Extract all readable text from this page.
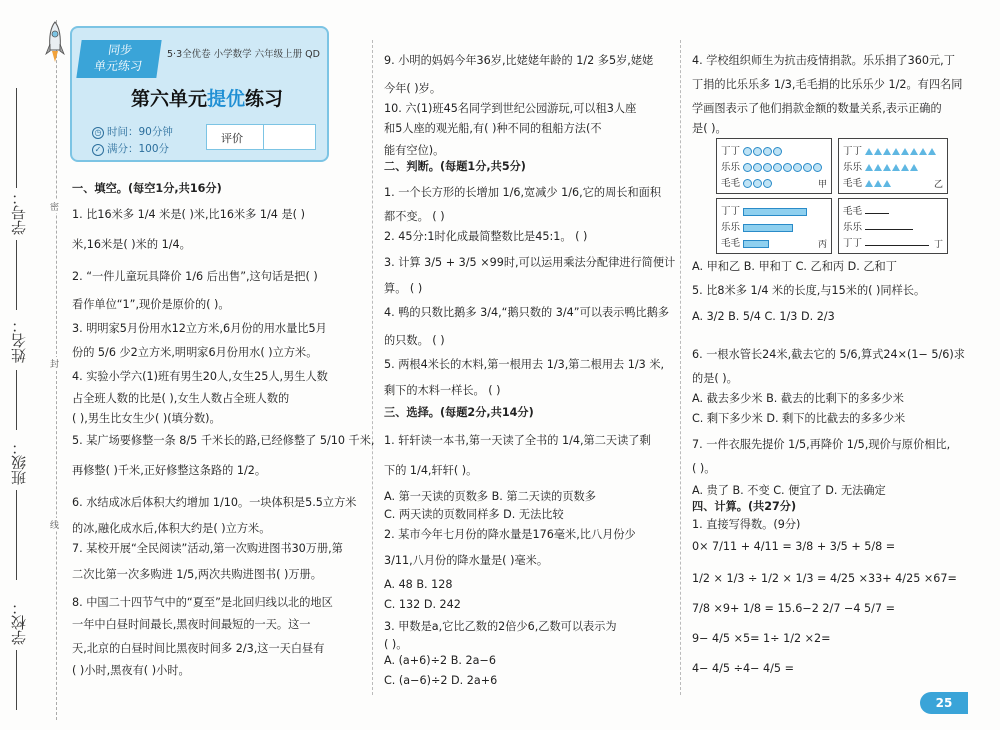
学号：
姓名：
班级：
学校：
密
封
线
同步
单元练习
5·3全优卷 小学数学 六年级上册 QD
第六单元提优练习
◷ 时间：90分钟
✓ 满分：100分
评价
一、填空。(每空1分,共16分)
1. 比16米多 1/4 米是( )米,比16米多 1/4 是( )
米,16米是( )米的 1/4。
2. “一件儿童玩具降价 1/6 后出售”,这句话是把( )
看作单位“1”,现价是原价的( )。
3. 明明家5月份用水12立方米,6月份的用水量比5月
份的 5/6 少2立方米,明明家6月份用水( )立方米。
4. 实验小学六(1)班有男生20人,女生25人,男生人数
占全班人数的比是( ),女生人数占全班人数的
( ),男生比女生少( )(填分数)。
5. 某广场要修整一条 8/5 千米长的路,已经修整了 5/10 千米,
再修整( )千米,正好修整这条路的 1/2。
6. 水结成冰后体积大约增加 1/10。一块体积是5.5立方米
的冰,融化成水后,体积大约是( )立方米。
7. 某校开展“全民阅读”活动,第一次购进图书30万册,第
二次比第一次多购进 1/5,两次共购进图书( )万册。
8. 中国二十四节气中的“夏至”是北回归线以北的地区
一年中白昼时间最长,黑夜时间最短的一天。这一
天,北京的白昼时间比黑夜时间多 2/3,这一天白昼有
( )小时,黑夜有( )小时。
9. 小明的妈妈今年36岁,比姥姥年龄的 1/2 多5岁,姥姥
今年( )岁。
10. 六(1)班45名同学到世纪公园游玩,可以租3人座
和5人座的观光船,有( )种不同的租船方法(不
能有空位)。
二、判断。(每题1分,共5分)
1. 一个长方形的长增加 1/6,宽减少 1/6,它的周长和面积
都不变。 ( )
2. 45分:1时化成最简整数比是45:1。 ( )
3. 计算 3/5 + 3/5 ×99时,可以运用乘法分配律进行简便计
算。 ( )
4. 鸭的只数比鹅多 3/4,“鹅只数的 3/4”可以表示鸭比鹅多
的只数。 ( )
5. 两根4米长的木料,第一根用去 1/3,第二根用去 1/3 米,
剩下的木料一样长。 ( )
三、选择。(每题2分,共14分)
1. 轩轩读一本书,第一天读了全书的 1/4,第二天读了剩
下的 1/4,轩轩( )。
A. 第一天读的页数多 B. 第二天读的页数多
C. 两天读的页数同样多 D. 无法比较
2. 某市今年七月份的降水量是176毫米,比八月份少
3/11,八月份的降水量是( )毫米。
A. 48 B. 128
C. 132 D. 242
3. 甲数是a,它比乙数的2倍少6,乙数可以表示为
( )。
A. (a+6)÷2 B. 2a−6
C. (a−6)÷2 D. 2a+6
4. 学校组织师生为抗击疫情捐款。乐乐捐了360元,丁
丁捐的比乐乐多 1/3,毛毛捐的比乐乐少 1/2。有四名同
学画图表示了他们捐款金额的数量关系,表示正确的
是( )。
A. 甲和乙 B. 甲和丁 C. 乙和丙 D. 乙和丁
5. 比8米多 1/4 米的长度,与15米的( )同样长。
A. 3/2 B. 5/4 C. 1/3 D. 2/3
6. 一根水管长24米,截去它的 5/6,算式24×(1− 5/6)求
的是( )。
A. 截去多少米 B. 截去的比剩下的多多少米
C. 剩下多少米 D. 剩下的比截去的多多少米
7. 一件衣服先提价 1/5,再降价 1/5,现价与原价相比,
( )。
A. 贵了 B. 不变 C. 便宜了 D. 无法确定
四、计算。(共27分)
1. 直接写得数。(9分)
0× 7/11 + 4/11 = 3/8 + 3/5 + 5/8 =
1/2 × 1/3 ÷ 1/2 × 1/3 = 4/25 ×33+ 4/25 ×67=
7/8 ×9+ 1/8 = 15.6−2 2/7 −4 5/7 =
9− 4/5 ×5= 1÷ 1/2 ×2=
4− 4/5 ÷4− 4/5 =
丁丁
乐乐
毛毛	甲
丁丁
乐乐
毛毛	乙
丁丁
乐乐
毛毛	丙
毛毛
乐乐
丁丁	丁
25
